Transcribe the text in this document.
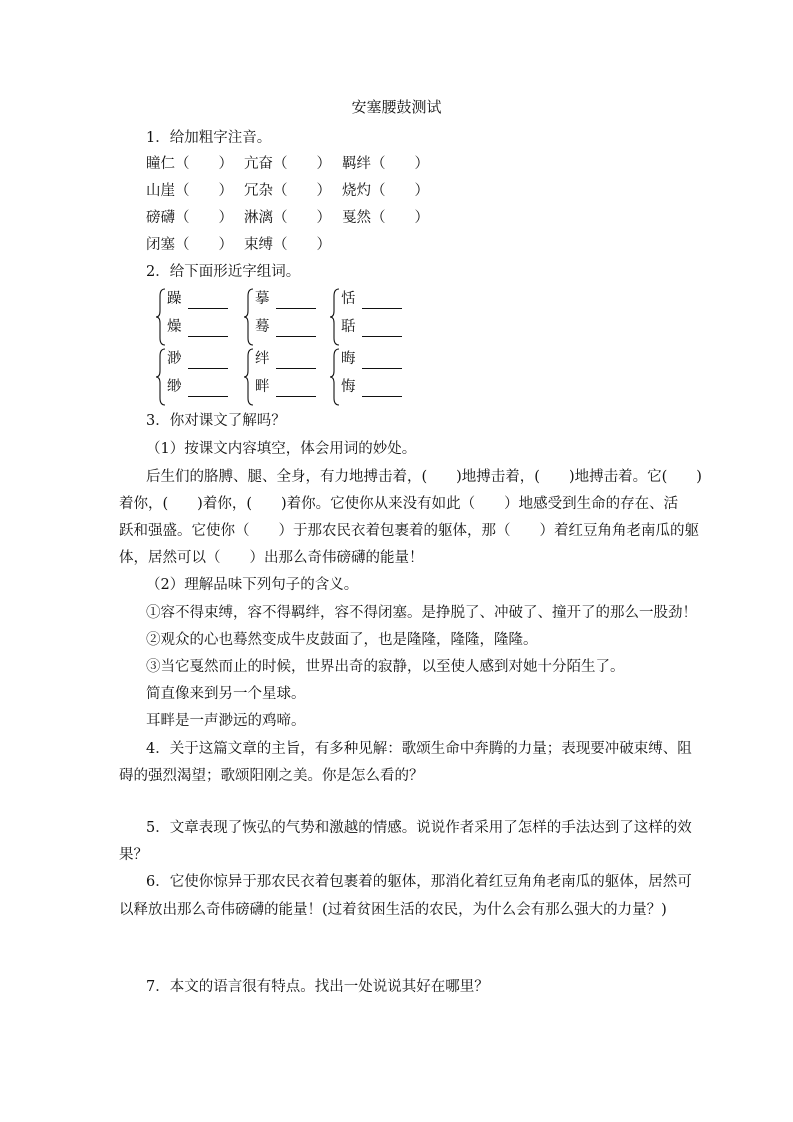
安塞腰鼓测试
1．给加粗字注音。
瞳仁（　　） 亢奋（　　） 羁绊（　　）
山崖（　　） 冗杂（　　） 烧灼（　　）
磅礴（　　） 淋漓（　　） 戛然（　　）
闭塞（　　） 束缚（　　）
2．给下面形近字组词。
躁
燥
摹
蓦
恬
聒
渺
缈
绊
畔
晦
悔
3．你对课文了解吗？
（1）按课文内容填空，体会用词的妙处。
后生们的胳膊、腿、全身，有力地搏击着，(　　)地搏击着，(　　)地搏击着。它(　　)
着你，(　　)着你，(　　)着你。它使你从来没有如此（　　）地感受到生命的存在、活
跃和强盛。它使你（　　）于那农民衣着包裹着的躯体，那（　　）着红豆角角老南瓜的躯
体，居然可以（　　）出那么奇伟磅礴的能量！
（2）理解品味下列句子的含义。
①容不得束缚，容不得羁绊，容不得闭塞。是挣脱了、冲破了、撞开了的那么一股劲！
②观众的心也蓦然变成牛皮鼓面了，也是隆隆，隆隆，隆隆。
③当它戛然而止的时候，世界出奇的寂静，以至使人感到对她十分陌生了。
简直像来到另一个星球。
耳畔是一声渺远的鸡啼。
4．关于这篇文章的主旨，有多种见解：歌颂生命中奔腾的力量；表现要冲破束缚、阻
碍的强烈渴望；歌颂阳刚之美。你是怎么看的？
5．文章表现了恢弘的气势和激越的情感。说说作者采用了怎样的手法达到了这样的效
果？
6．它使你惊异于那农民衣着包裹着的躯体，那消化着红豆角角老南瓜的躯体，居然可
以释放出那么奇伟磅礴的能量！(过着贫困生活的农民，为什么会有那么强大的力量？)
7．本文的语言很有特点。找出一处说说其好在哪里？
